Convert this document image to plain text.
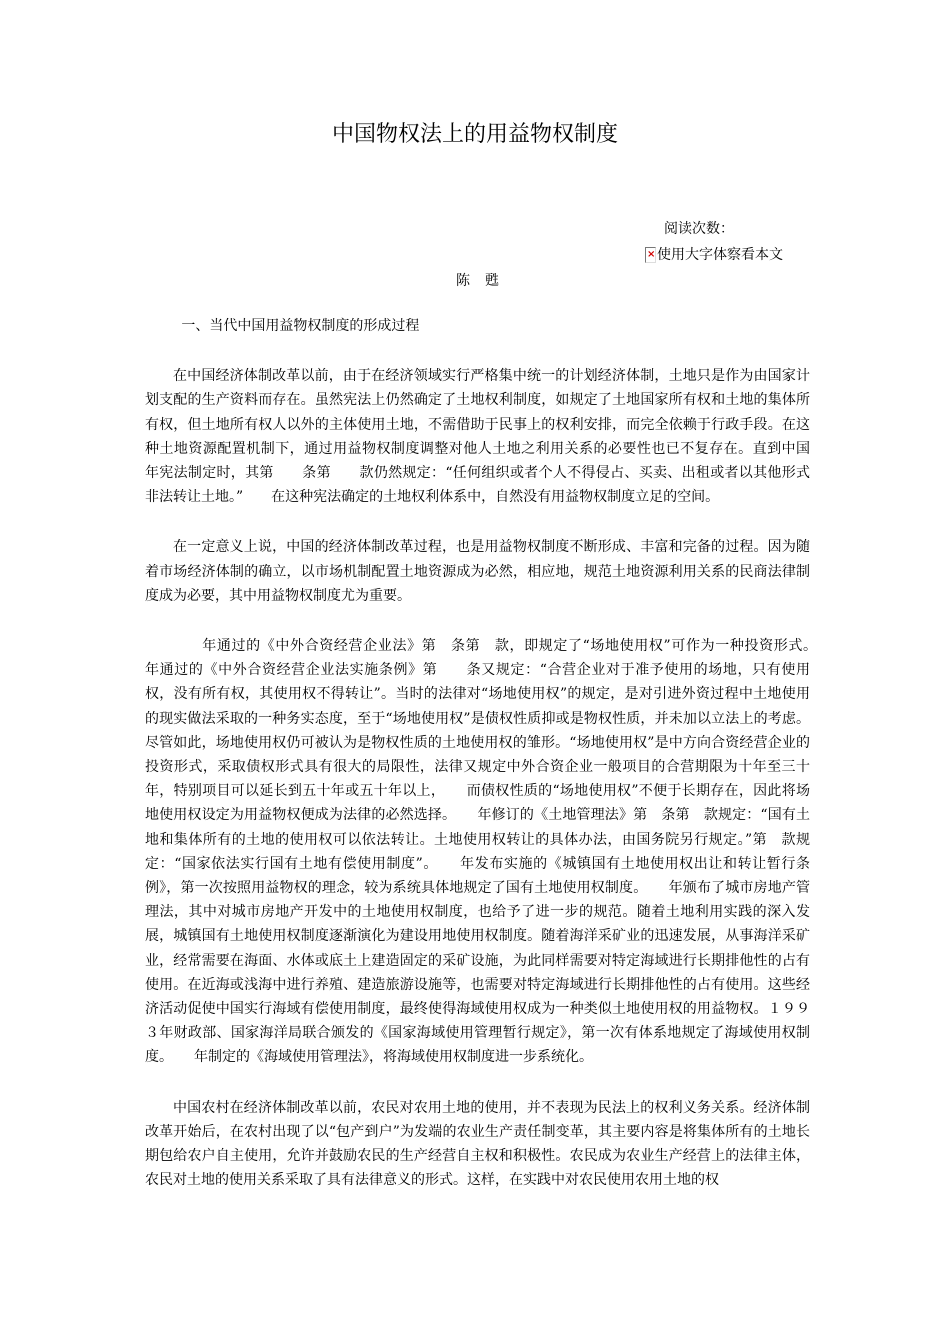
中国物权法上的用益物权制度
阅读次数：
× 使用大字体察看本文
陈　甦

一、当代中国用益物权制度的形成过程

在中国经济体制改革以前，由于在经济领域实行严格集中统一的计划经济体制，土地只是作为由国家计划支配的生产资料而存在。虽然宪法上仍然确定了土地权利制度，如规定了土地国家所有权和土地的集体所有权，但土地所有权人以外的主体使用土地，不需借助于民事上的权利安排，而完全依赖于行政手段。在这种土地资源配置机制下，通过用益物权制度调整对他人土地之利用关系的必要性也已不复存在。直到中国　　　年宪法制定时，其第　　条第　　款仍然规定：“任何组织或者个人不得侵占、买卖、出租或者以其他形式非法转让土地。”　　在这种宪法确定的土地权利体系中，自然没有用益物权制度立足的空间。

在一定意义上说，中国的经济体制改革过程，也是用益物权制度不断形成、丰富和完备的过程。因为随着市场经济体制的确立，以市场机制配置土地资源成为必然，相应地，规范土地资源利用关系的民商法律制度成为必要，其中用益物权制度尤为重要。

　　年通过的《中外合资经营企业法》第　条第　款，即规定了“场地使用权”可作为一种投资形式。　　年通过的《中外合资经营企业法实施条例》第　　条又规定：“合营企业对于准予使用的场地，只有使用权，没有所有权，其使用权不得转让”。当时的法律对“场地使用权”的规定，是对引进外资过程中土地使用的现实做法采取的一种务实态度，至于“场地使用权”是债权性质抑或是物权性质，并未加以立法上的考虑。尽管如此，场地使用权仍可被认为是物权性质的土地使用权的雏形。“场地使用权”是中方向合资经营企业的投资形式，采取债权形式具有很大的局限性，法律又规定中外合资企业一般项目的合营期限为十年至三十年，特别项目可以延长到五十年或五十年以上，　　而债权性质的“场地使用权”不便于长期存在，因此将场地使用权设定为用益物权便成为法律的必然选择。　　年修订的《土地管理法》第　条第　款规定：“国有土地和集体所有的土地的使用权可以依法转让。土地使用权转让的具体办法，由国务院另行规定。”第　款规定：“国家依法实行国有土地有偿使用制度”。　　年发布实施的《城镇国有土地使用权出让和转让暂行条例》，第一次按照用益物权的理念，较为系统具体地规定了国有土地使用权制度。　　年颁布了城市房地产管理法，其中对城市房地产开发中的土地使用权制度，也给予了进一步的规范。随着土地利用实践的深入发展，城镇国有土地使用权制度逐渐演化为建设用地使用权制度。随着海洋采矿业的迅速发展，从事海洋采矿业，经常需要在海面、水体或底土上建造固定的采矿设施，为此同样需要对特定海域进行长期排他性的占有使用。在近海或浅海中进行养殖、建造旅游设施等，也需要对特定海域进行长期排他性的占有使用。这些经济活动促使中国实行海域有偿使用制度，最终使得海域使用权成为一种类似土地使用权的用益物权。１９９３年财政部、国家海洋局联合颁发的《国家海域使用管理暂行规定》，第一次有体系地规定了海域使用权制度。　　年制定的《海域使用管理法》，将海域使用权制度进一步系统化。

中国农村在经济体制改革以前，农民对农用土地的使用，并不表现为民法上的权利义务关系。经济体制改革开始后，在农村出现了以“包产到户”为发端的农业生产责任制变革，其主要内容是将集体所有的土地长期包给农户自主使用，允许并鼓励农民的生产经营自主权和积极性。农民成为农业生产经营上的法律主体，农民对土地的使用关系采取了具有法律意义的形式。这样，在实践中对农民使用农用土地的权
